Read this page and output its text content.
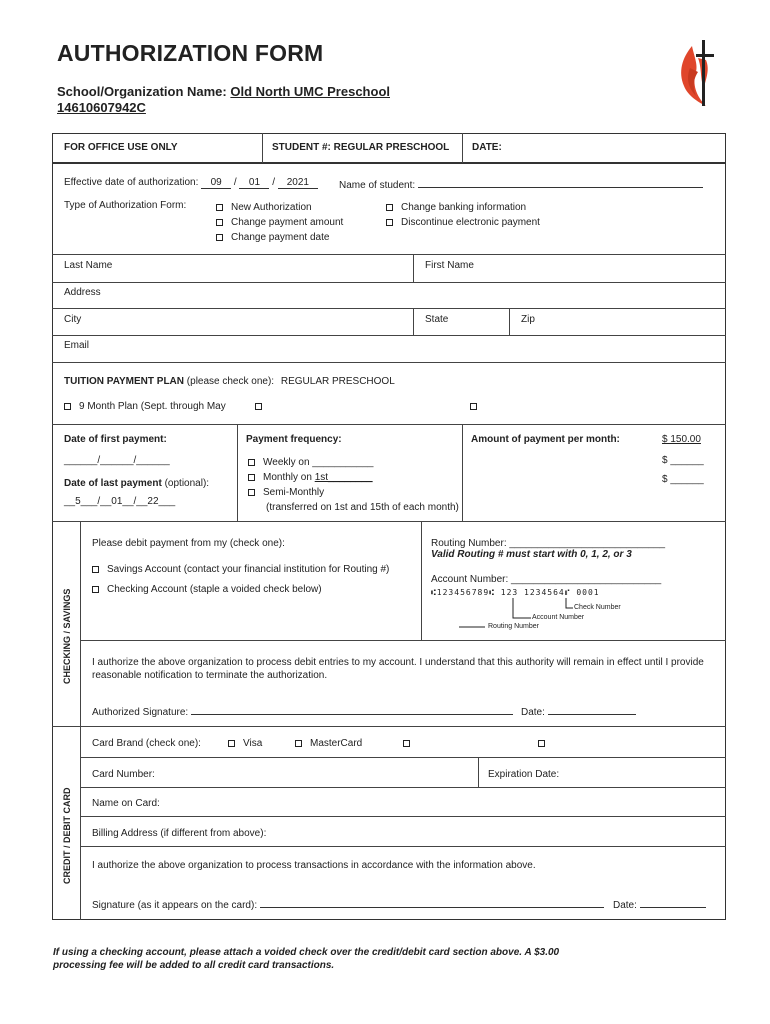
AUTHORIZATION FORM
School/Organization Name: Old North UMC Preschool
14610607942C
FOR OFFICE USE ONLY	STUDENT #: REGULAR PRESCHOOL DATE:
Effective date of authorization: 09 / 01 / 2021	Name of student:
Type of Authorization Form:	New Authorization
Change payment amount
Change payment date
Change banking information
Discontinue electronic payment
Last Name	First Name
Address
City	State	Zip
Email
TUITION PAYMENT PLAN (please check one): REGULAR PRESCHOOL
9 Month Plan (Sept. through May
Date of first payment:
______/______/______
Date of last payment (optional):
__5___/__01__/__22___
Payment frequency:
Weekly on ___________
Monthly on 1st________
Semi-Monthly
(transferred on 1st and 15th of each month)
Amount of payment per month:	$ 150.00
$ ______
$ ______
CHECKING / SAVINGS
Please debit payment from my (check one):
Savings Account (contact your financial institution for Routing #)
Checking Account (staple a voided check below)
Routing Number: ____________________________
Valid Routing # must start with 0, 1, 2, or 3
Account Number: ___________________________
⑆123456789⑆ 123 1234564⑈ 0001
Check Number
Account Number
Routing Number
I authorize the above organization to process debit entries to my account. I understand that this authority will remain in effect until I provide reasonable notification to terminate the authorization.
Authorized Signature:	Date:
CREDIT / DEBIT CARD
Card Brand (check one):	Visa	MasterCard
Card Number:	Expiration Date:
Name on Card:
Billing Address (if different from above):
I authorize the above organization to process transactions in accordance with the information above.
Signature (as it appears on the card):	Date:
If using a checking account, please attach a voided check over the credit/debit card section above. A $3.00 processing fee will be added to all credit card transactions.
